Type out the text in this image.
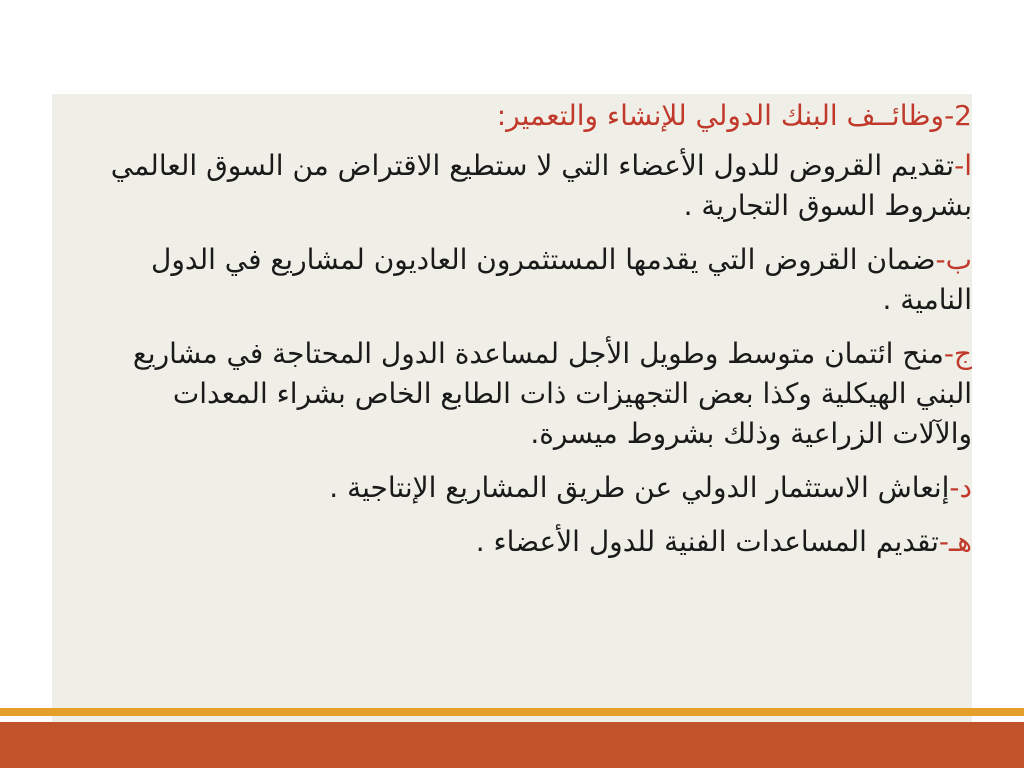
2-وظائــف البنك الدولي للإنشاء والتعمير:

ا-تقديم القروض للدول الأعضاء التي لا ستطيع الاقتراض من السوق العالمي بشروط السوق التجارية .

ب-ضمان القروض التي يقدمها المستثمرون العاديون لمشاريع في الدول النامية .

ج-منح ائتمان متوسط وطويل الأجل لمساعدة الدول المحتاجة في مشاريع البني الهيكلية وكذا بعض التجهيزات ذات الطابع الخاص بشراء المعدات والآلات الزراعية وذلك بشروط ميسرة.

د-إنعاش الاستثمار الدولي عن طريق المشاريع الإنتاجية .

هـ-تقديم المساعدات الفنية للدول الأعضاء .
